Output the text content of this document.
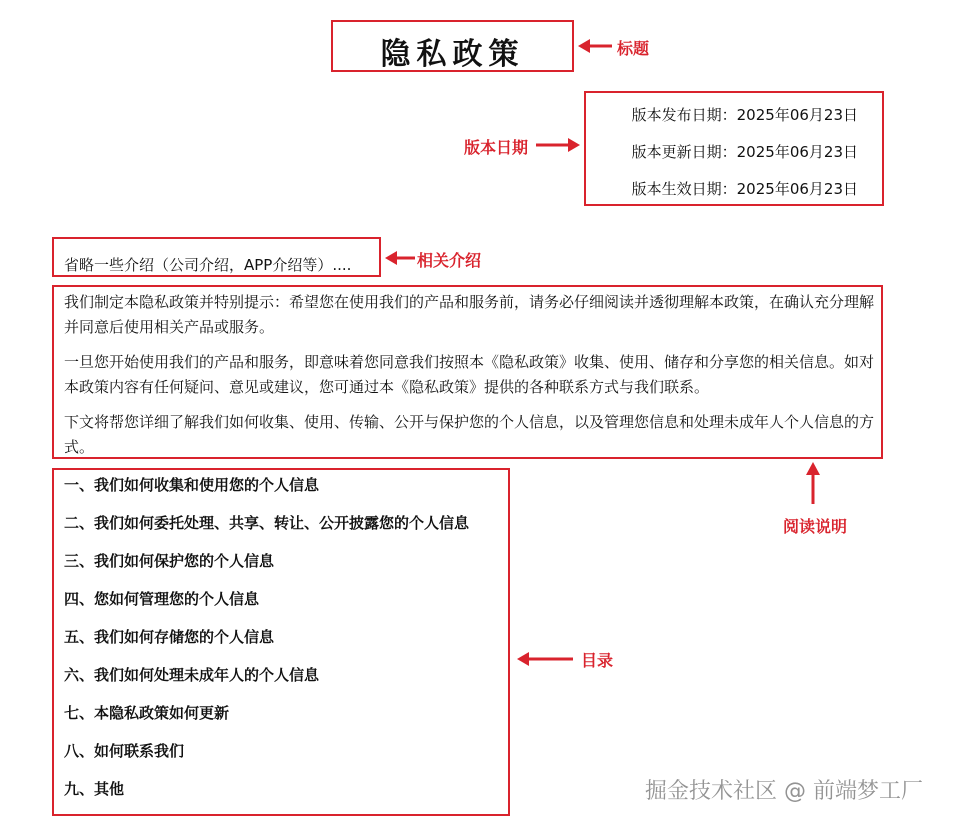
隐私政策	标题
版本日期
版本发布日期：2025年06月23日
版本更新日期：2025年06月23日
版本生效日期：2025年06月23日
省略一些介绍（公司介绍，APP介绍等）....	相关介绍
我们制定本隐私政策并特别提示：希望您在使用我们的产品和服务前，请务必仔细阅读并透彻理解本政策，在确认充分理解并同意后使用相关产品或服务。
一旦您开始使用我们的产品和服务，即意味着您同意我们按照本《隐私政策》收集、使用、储存和分享您的相关信息。如对本政策内容有任何疑问、意见或建议，您可通过本《隐私政策》提供的各种联系方式与我们联系。
下文将帮您详细了解我们如何收集、使用、传输、公开与保护您的个人信息，以及管理您信息和处理未成年人个人信息的方式。
阅读说明
一、我们如何收集和使用您的个人信息
二、我们如何委托处理、共享、转让、公开披露您的个人信息
三、我们如何保护您的个人信息
四、您如何管理您的个人信息
五、我们如何存储您的个人信息
六、我们如何处理未成年人的个人信息
七、本隐私政策如何更新
八、如何联系我们
九、其他
目录
掘金技术社区 @ 前端梦工厂
